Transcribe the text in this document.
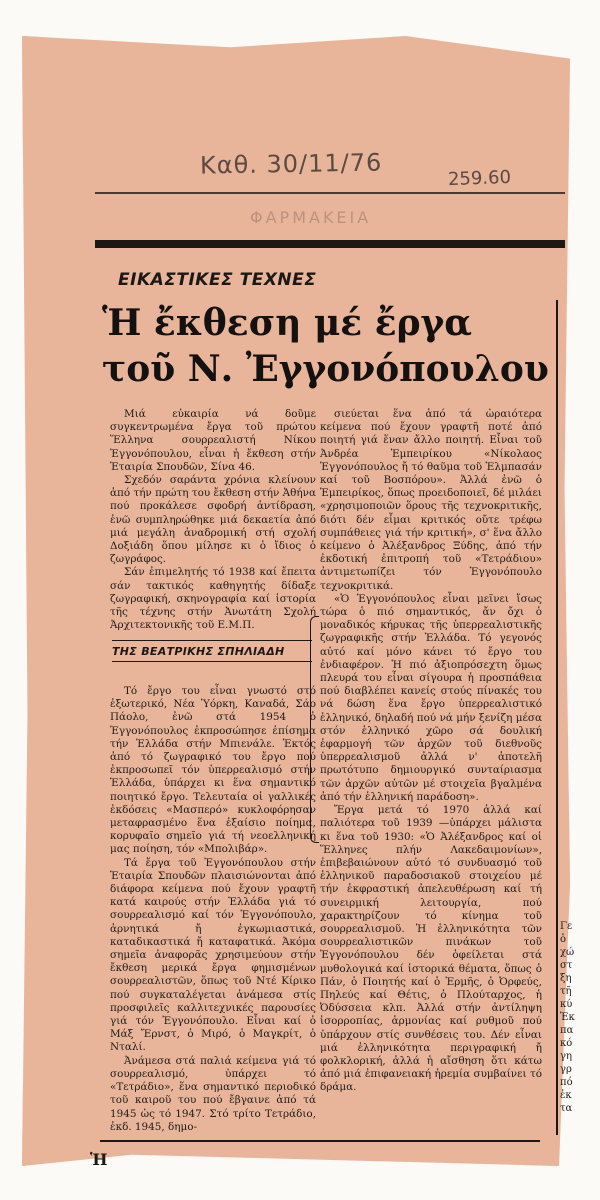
Καθ. 30/11/76	259.60
ΦΑΡΜΑΚΕΙΑ
ΕΙΚΑΣΤΙΚΕΣ ΤΕΧΝΕΣ
Ἡ ἔκθεση μέ ἔργα
τοῦ Ν. Ἐγγονόπουλου

Μιά εὐκαιρία νά δοῦμε συγκεντρωμένα ἔργα τοῦ πρώτου Ἕλληνα σουρρεαλιστή Νίκου Ἐγγονόπουλου, εἶναι ἡ ἔκθεση στήν Ἑταιρία Σπουδῶν, Σίνα 46.

Σχεδόν σαράντα χρόνια κλείνουν ἀπό τήν πρώτη του ἔκθεση στήν Ἀθήνα πού προκάλεσε σφοδρή ἀντίδραση, ἐνῶ συμπληρώθηκε μιά δεκαετία ἀπό μιά μεγάλη ἀναδρομική στή σχολή Δοξιάδη ὅπου μίλησε κι ὁ ἴδιος ὁ ζωγράφος.

Σάν ἐπιμελητής τό 1938 καί ἔπειτα σάν τακτικός καθηγητής δίδαξε ζωγραφική, σκηνογραφία καί ἱστορία τῆς τέχνης στήν Ἀνωτάτη Σχολή Ἀρχιτεκτονικῆς τοῦ Ε.Μ.Π.

ΤΗΣ ΒΕΑΤΡΙΚΗΣ ΣΠΗΛΙΑΔΗ

Τό ἔργο του εἶναι γνωστό στό ἐξωτερικό, Νέα Ὑόρκη, Καναδά, Σάο Πάολο, ἐνῶ στά 1954 ὁ Ἐγγονόπουλος ἐκπροσώπησε ἐπίσημα τήν Ἑλλάδα στήν Μπιενάλε. Ἐκτός ἀπό τό ζωγραφικό του ἔργο πού ἐκπροσωπεῖ τόν ὑπερρεαλισμό στήν Ἑλλάδα, ὑπάρχει κι ἕνα σημαντικό ποιητικό ἔργο. Τελευταία οἱ γαλλικές ἐκδόσεις «Μασπερό» κυκλοφόρησαν μεταφρασμένο ἕνα ἐξαίσιο ποίημα, κορυφαῖο σημεῖο γιά τή νεοελληνική μας ποίηση, τόν «Μπολιβάρ».

Τά ἔργα τοῦ Ἐγγονόπουλου στήν Ἑταιρία Σπουδῶν πλαισιώνονται ἀπό διάφορα κείμενα πού ἔχουν γραφτῆ κατά καιρούς στήν Ἑλλάδα γιά τό σουρρεαλισμό καί τόν Ἐγγονόπουλο, ἀρνητικά ἤ ἐγκωμιαστικά, καταδικαστικά ἤ καταφατικά. Ἀκόμα σημεῖα ἀναφορᾶς χρησιμεύουν στήν ἔκθεση μερικά ἔργα φημισμένων σουρρεαλιστῶν, ὅπως τοῦ Ντέ Κίρικο πού συγκαταλέγεται ἀνάμεσα στίς προσφιλεῖς καλλιτεχνικές παρουσίες γιά τόν Ἐγγονόπουλο. Εἶναι καί ὁ Μάξ Ἔρνστ, ὁ Μιρό, ὁ Μαγκρίτ, ὁ Νταλί.

Ἀνάμεσα στά παλιά κείμενα γιά τό σουρρεαλισμό, ὑπάρχει τό «Τετράδιο», ἕνα σημαντικό περιοδικό τοῦ καιροῦ του πού ἔβγαινε ἀπό τά 1945 ὡς τό 1947. Στό τρίτο Τετράδιο, ἐκδ. 1945, δημο-

σιεύεται ἕνα ἀπό τά ὡραιότερα κείμενα πού ἔχουν γραφτῆ ποτέ ἀπό ποιητή γιά ἕναν ἄλλο ποιητή. Εἶναι τοῦ Ἀνδρέα Ἐμπειρίκου «Νίκολαος Ἐγγονόπουλος ἤ τό θαῦμα τοῦ Ἐλμπασάν καί τοῦ Βοσπόρου». Ἀλλά ἐνῶ ὁ Ἐμπειρίκος, ὅπως προειδοποιεῖ, δέ μιλάει «χρησιμοποιῶν ὅρους τῆς τεχνοκριτικῆς, διότι δέν εἶμαι κριτικός οὔτε τρέφω συμπάθειες γιά τήν κριτική», σ' ἕνα ἄλλο κείμενο ὁ Ἀλέξανδρος Ξύδης, ἀπό τήν ἐκδοτική ἐπιτροπή τοῦ «Τετράδιου» ἀντιμετωπίζει τόν Ἐγγονόπουλο τεχνοκριτικά.

«Ὁ Ἐγγονόπουλος εἶναι μεῖνει ἴσως τώρα ὁ πιό σημαντικός, ἄν ὄχι ὁ μοναδικός κήρυκας τῆς ὑπερρεαλιστικῆς ζωγραφικῆς στήν Ἑλλάδα. Τό γεγονός αὐτό καί μόνο κάνει τό ἔργο του ἐνδιαφέρον. Ἡ πιό ἀξιοπρόσεχτη ὅμως πλευρά του εἶναι σίγουρα ἡ προσπάθεια πού διαβλέπει κανείς στούς πίνακές του νά δώση ἕνα ἔργο ὑπερρεαλιστικό ἑλληνικό, δηλαδή πού νά μήν ξενίζη μέσα στόν ἑλληνικό χῶρο σά δουλική ἐφαρμογή τῶν ἀρχῶν τοῦ διεθνοῦς ὑπερρεαλισμοῦ ἀλλά ν' ἀποτελῆ πρωτότυπο δημιουργικό συνταίριασμα τῶν ἀρχῶν αὐτῶν μέ στοιχεῖα βγαλμένα ἀπό τήν ἑλληνική παράδοση».

Ἔργα μετά τό 1970 ἀλλά καί παλιότερα τοῦ 1939 —ὑπάρχει μάλιστα κι ἕνα τοῦ 1930: «Ὁ Ἀλέξανδρος καί οἱ Ἕλληνες πλήν Λακεδαιμονίων», ἐπιβεβαιώνουν αὐτό τό συνδυασμό τοῦ ἑλληνικοῦ παραδοσιακοῦ στοιχείου μέ τήν ἐκφραστική ἀπελευθέρωση καί τή συνειρμική λειτουργία, πού χαρακτηρίζουν τό κίνημα τοῦ σουρρεαλισμοῦ. Ἡ ἑλληνικότητα τῶν σουρρεαλιστικῶν πινάκων τοῦ Ἐγγονόπουλου δέν ὀφείλεται στά μυθολογικά καί ἱστορικά θέματα, ὅπως ὁ Πάν, ὁ Ποιητής καί ὁ Ἑρμῆς, ὁ Ὀρφεύς, Πηλεύς καί Θέτις, ὁ Πλούταρχος, ἡ Ὀδύσσεια κλπ. Ἀλλά στήν ἀντίληψη ἰσορροπίας, ἁρμονίας καί ρυθμοῦ πού ὑπάρχουν στίς συνθέσεις του. Δέν εἶναι μιά ἑλληνικότητα περιγραφική ἤ φολκλορική, ἀλλά ἡ αἴσθηση ὅτι κάτω ἀπό μιά ἐπιφανειακή ἠρεμία συμβαίνει τό δράμα.

Γε
ὁ
χώ
στ
ξη
τῆ
κύ
Ἐκ
πα
κό
γη
γρ
πό
ἐκ
τα
Ἡ
